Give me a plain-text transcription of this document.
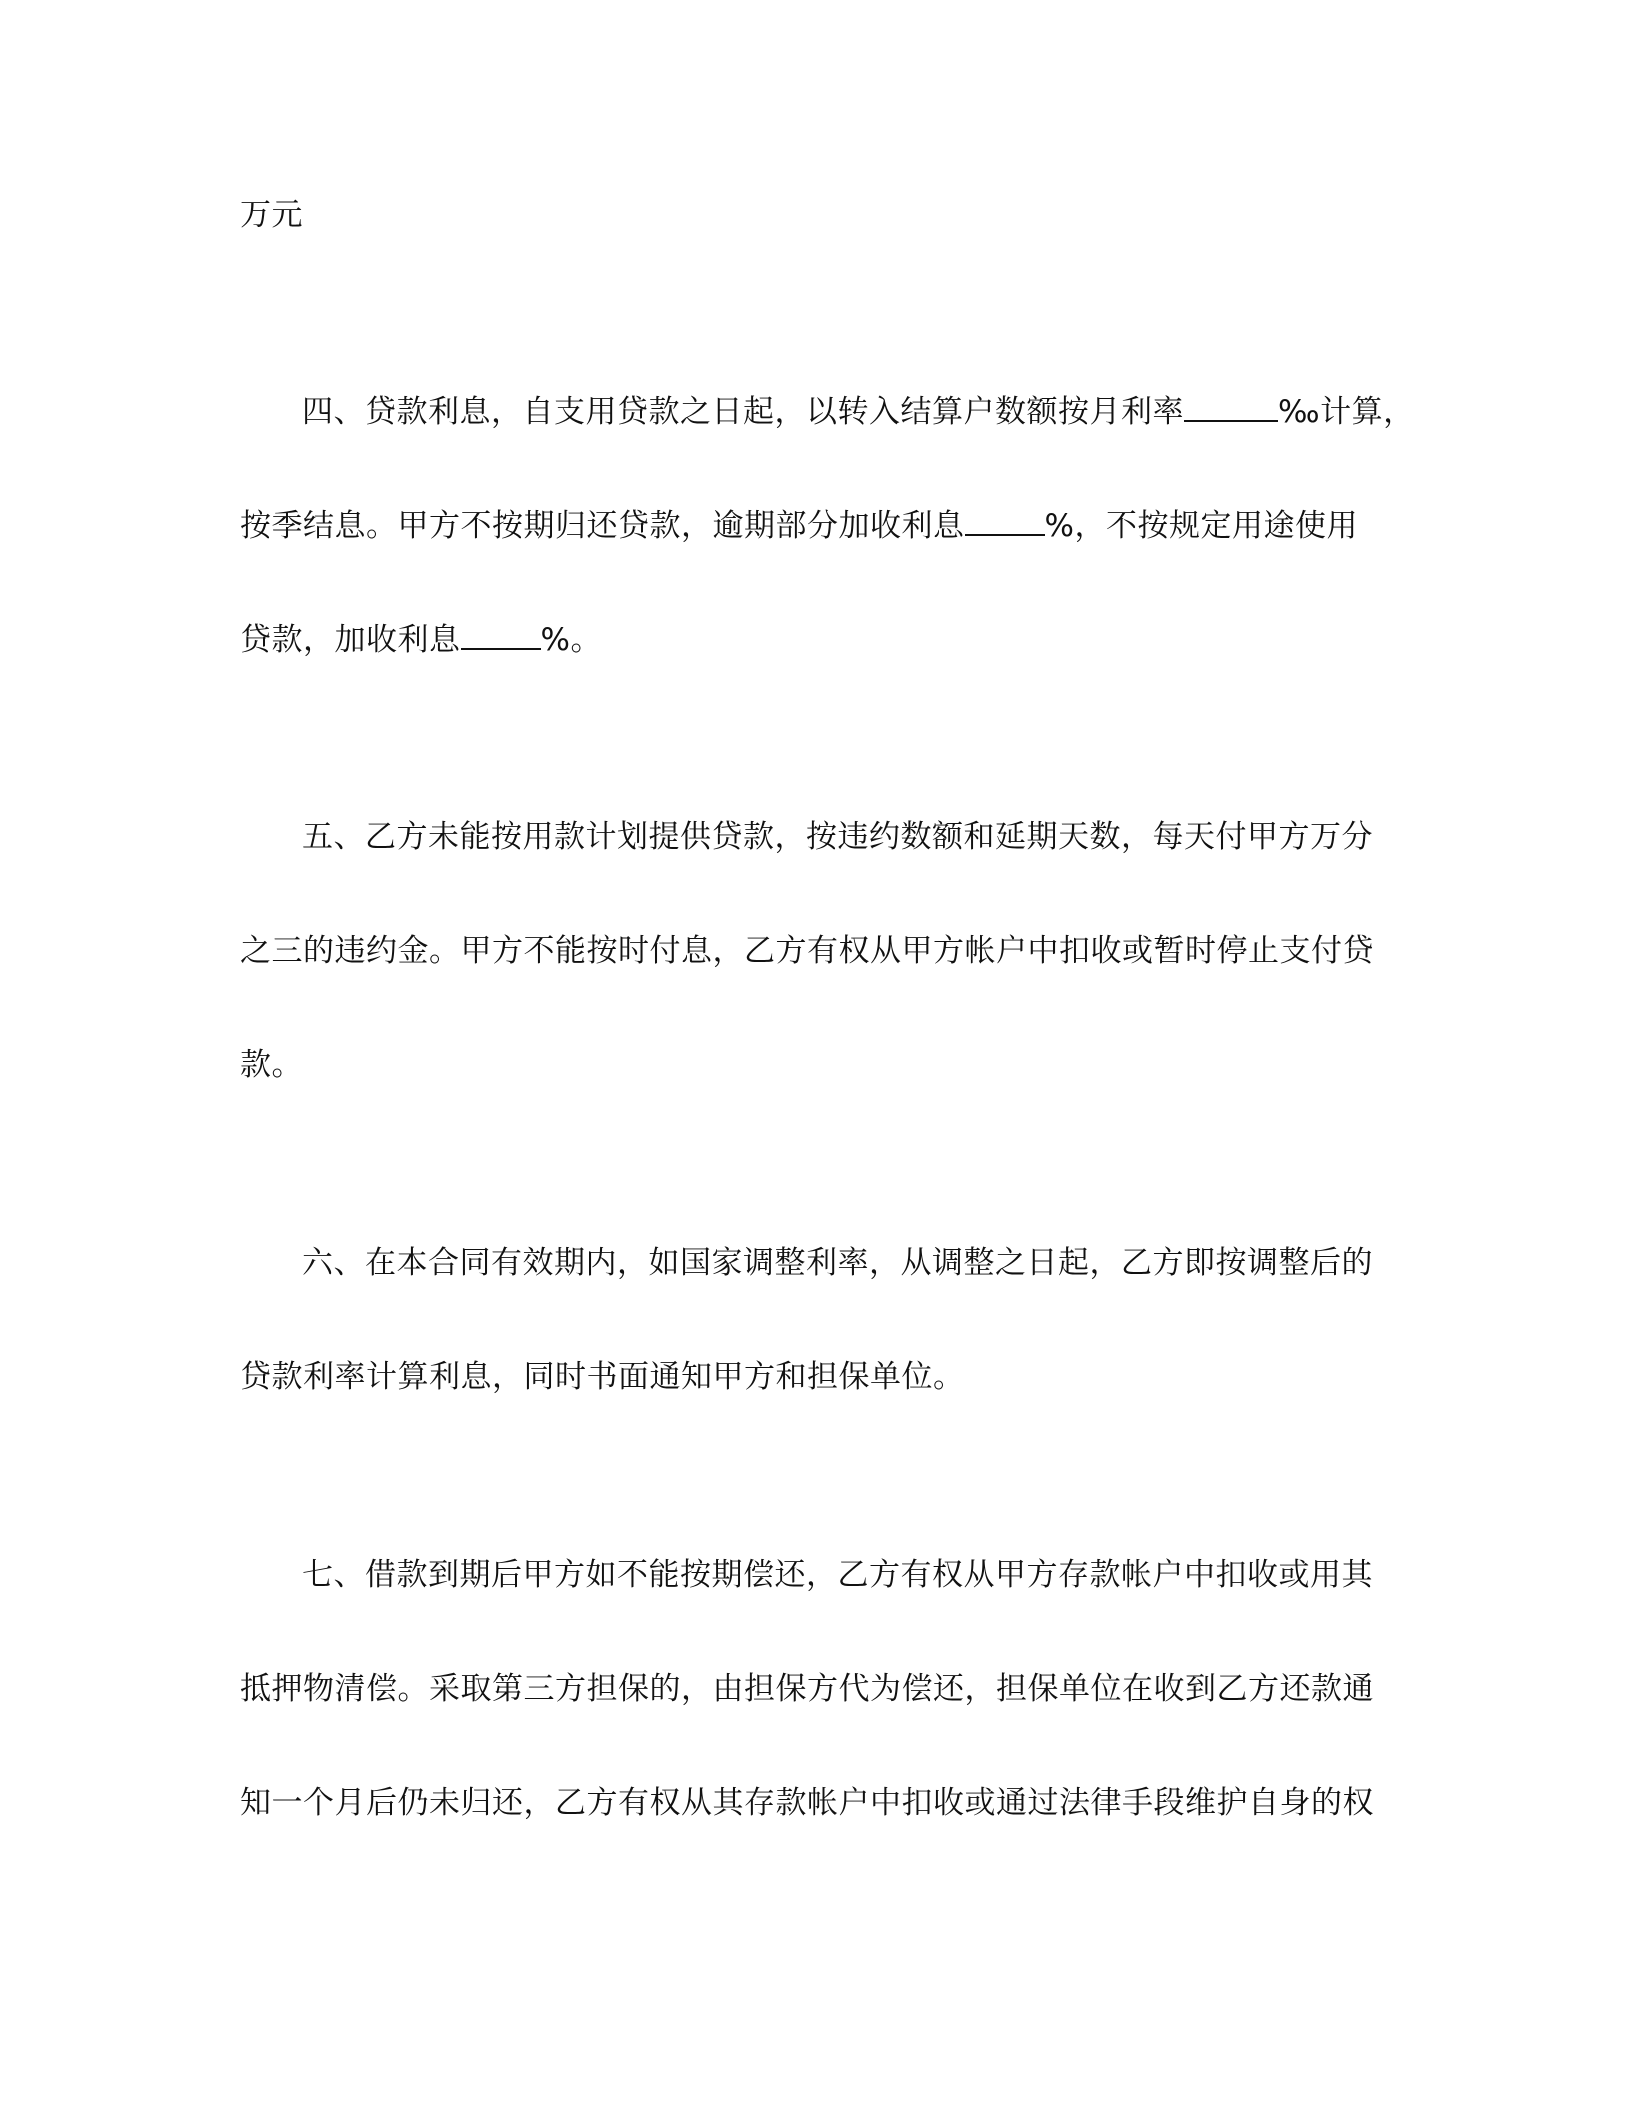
万元
四、贷款利息，自支用贷款之日起，以转入结算户数额按月利率	‰计算，
按季结息。甲方不按期归还贷款，逾期部分加收利息	%，不按规定用途使用
贷款，加收利息	%。
五、乙方未能按用款计划提供贷款，按违约数额和延期天数，每天付甲方万分
之三的违约金。甲方不能按时付息，乙方有权从甲方帐户中扣收或暂时停止支付贷
款。
六、在本合同有效期内，如国家调整利率，从调整之日起，乙方即按调整后的
贷款利率计算利息，同时书面通知甲方和担保单位。
七、借款到期后甲方如不能按期偿还，乙方有权从甲方存款帐户中扣收或用其
抵押物清偿。采取第三方担保的，由担保方代为偿还，担保单位在收到乙方还款通
知一个月后仍未归还，乙方有权从其存款帐户中扣收或通过法律手段维护自身的权
